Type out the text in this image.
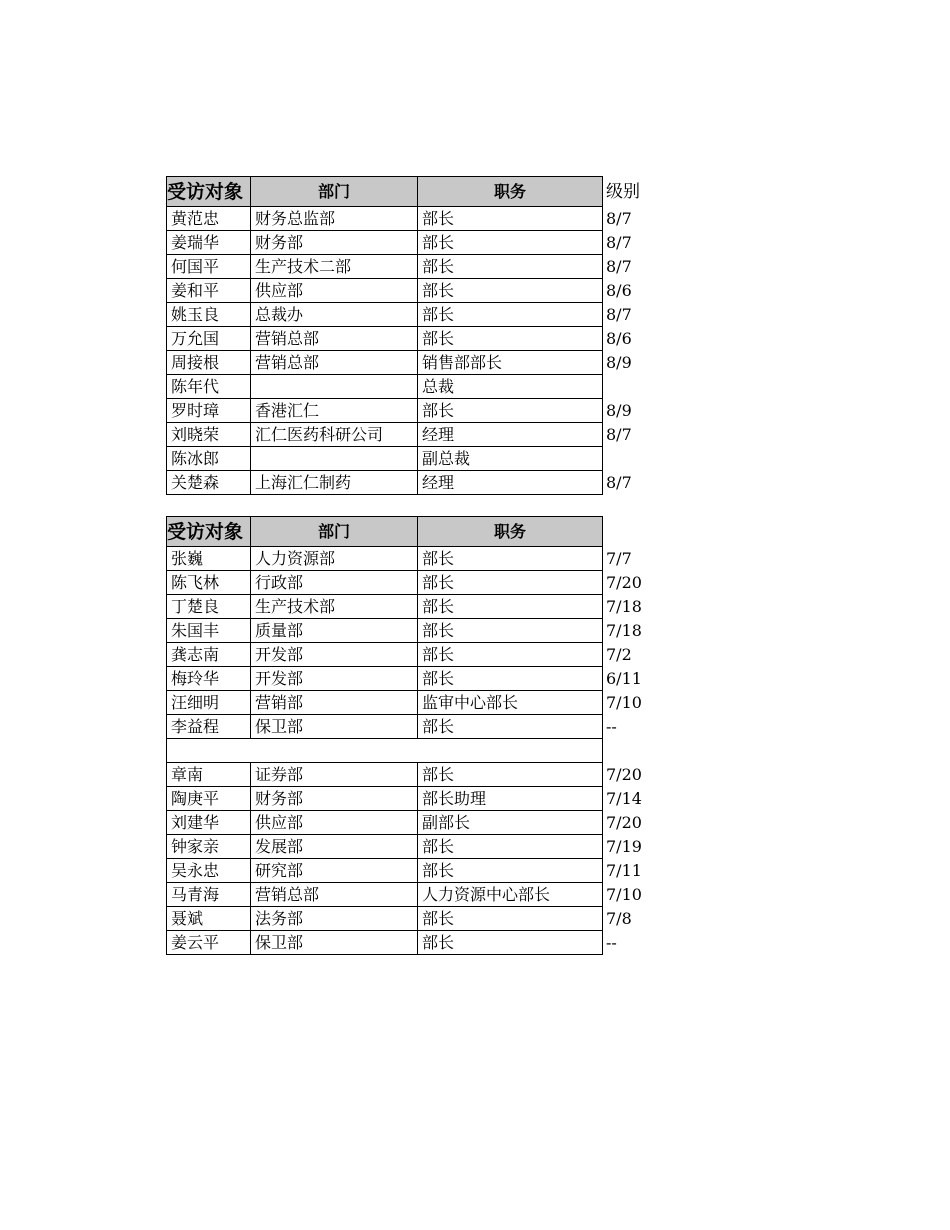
受访对象	部门	职务	级别
黄范忠	财务总监部	部长	8/7
姜瑞华	财务部	部长	8/7
何国平	生产技术二部	部长	8/7
姜和平	供应部	部长	8/6
姚玉良	总裁办	部长	8/7
万允国	营销总部	部长	8/6
周接根	营销总部	销售部部长	8/9
陈年代		总裁	
罗时璋	香港汇仁	部长	8/9
刘晓荣	汇仁医药科研公司	经理	8/7
陈冰郎		副总裁	
关楚森	上海汇仁制药	经理	8/7

受访对象	部门	职务	
张巍	人力资源部	部长	7/7
陈飞林	行政部	部长	7/20
丁楚良	生产技术部	部长	7/18
朱国丰	质量部	部长	7/18
龚志南	开发部	部长	7/2
梅玲华	开发部	部长	6/11
汪细明	营销部	监审中心部长	7/10
李益程	保卫部	部长	--

章南	证券部	部长	7/20
陶庚平	财务部	部长助理	7/14
刘建华	供应部	副部长	7/20
钟家亲	发展部	部长	7/19
吴永忠	研究部	部长	7/11
马青海	营销总部	人力资源中心部长	7/10
聂斌	法务部	部长	7/8
姜云平	保卫部	部长	--
